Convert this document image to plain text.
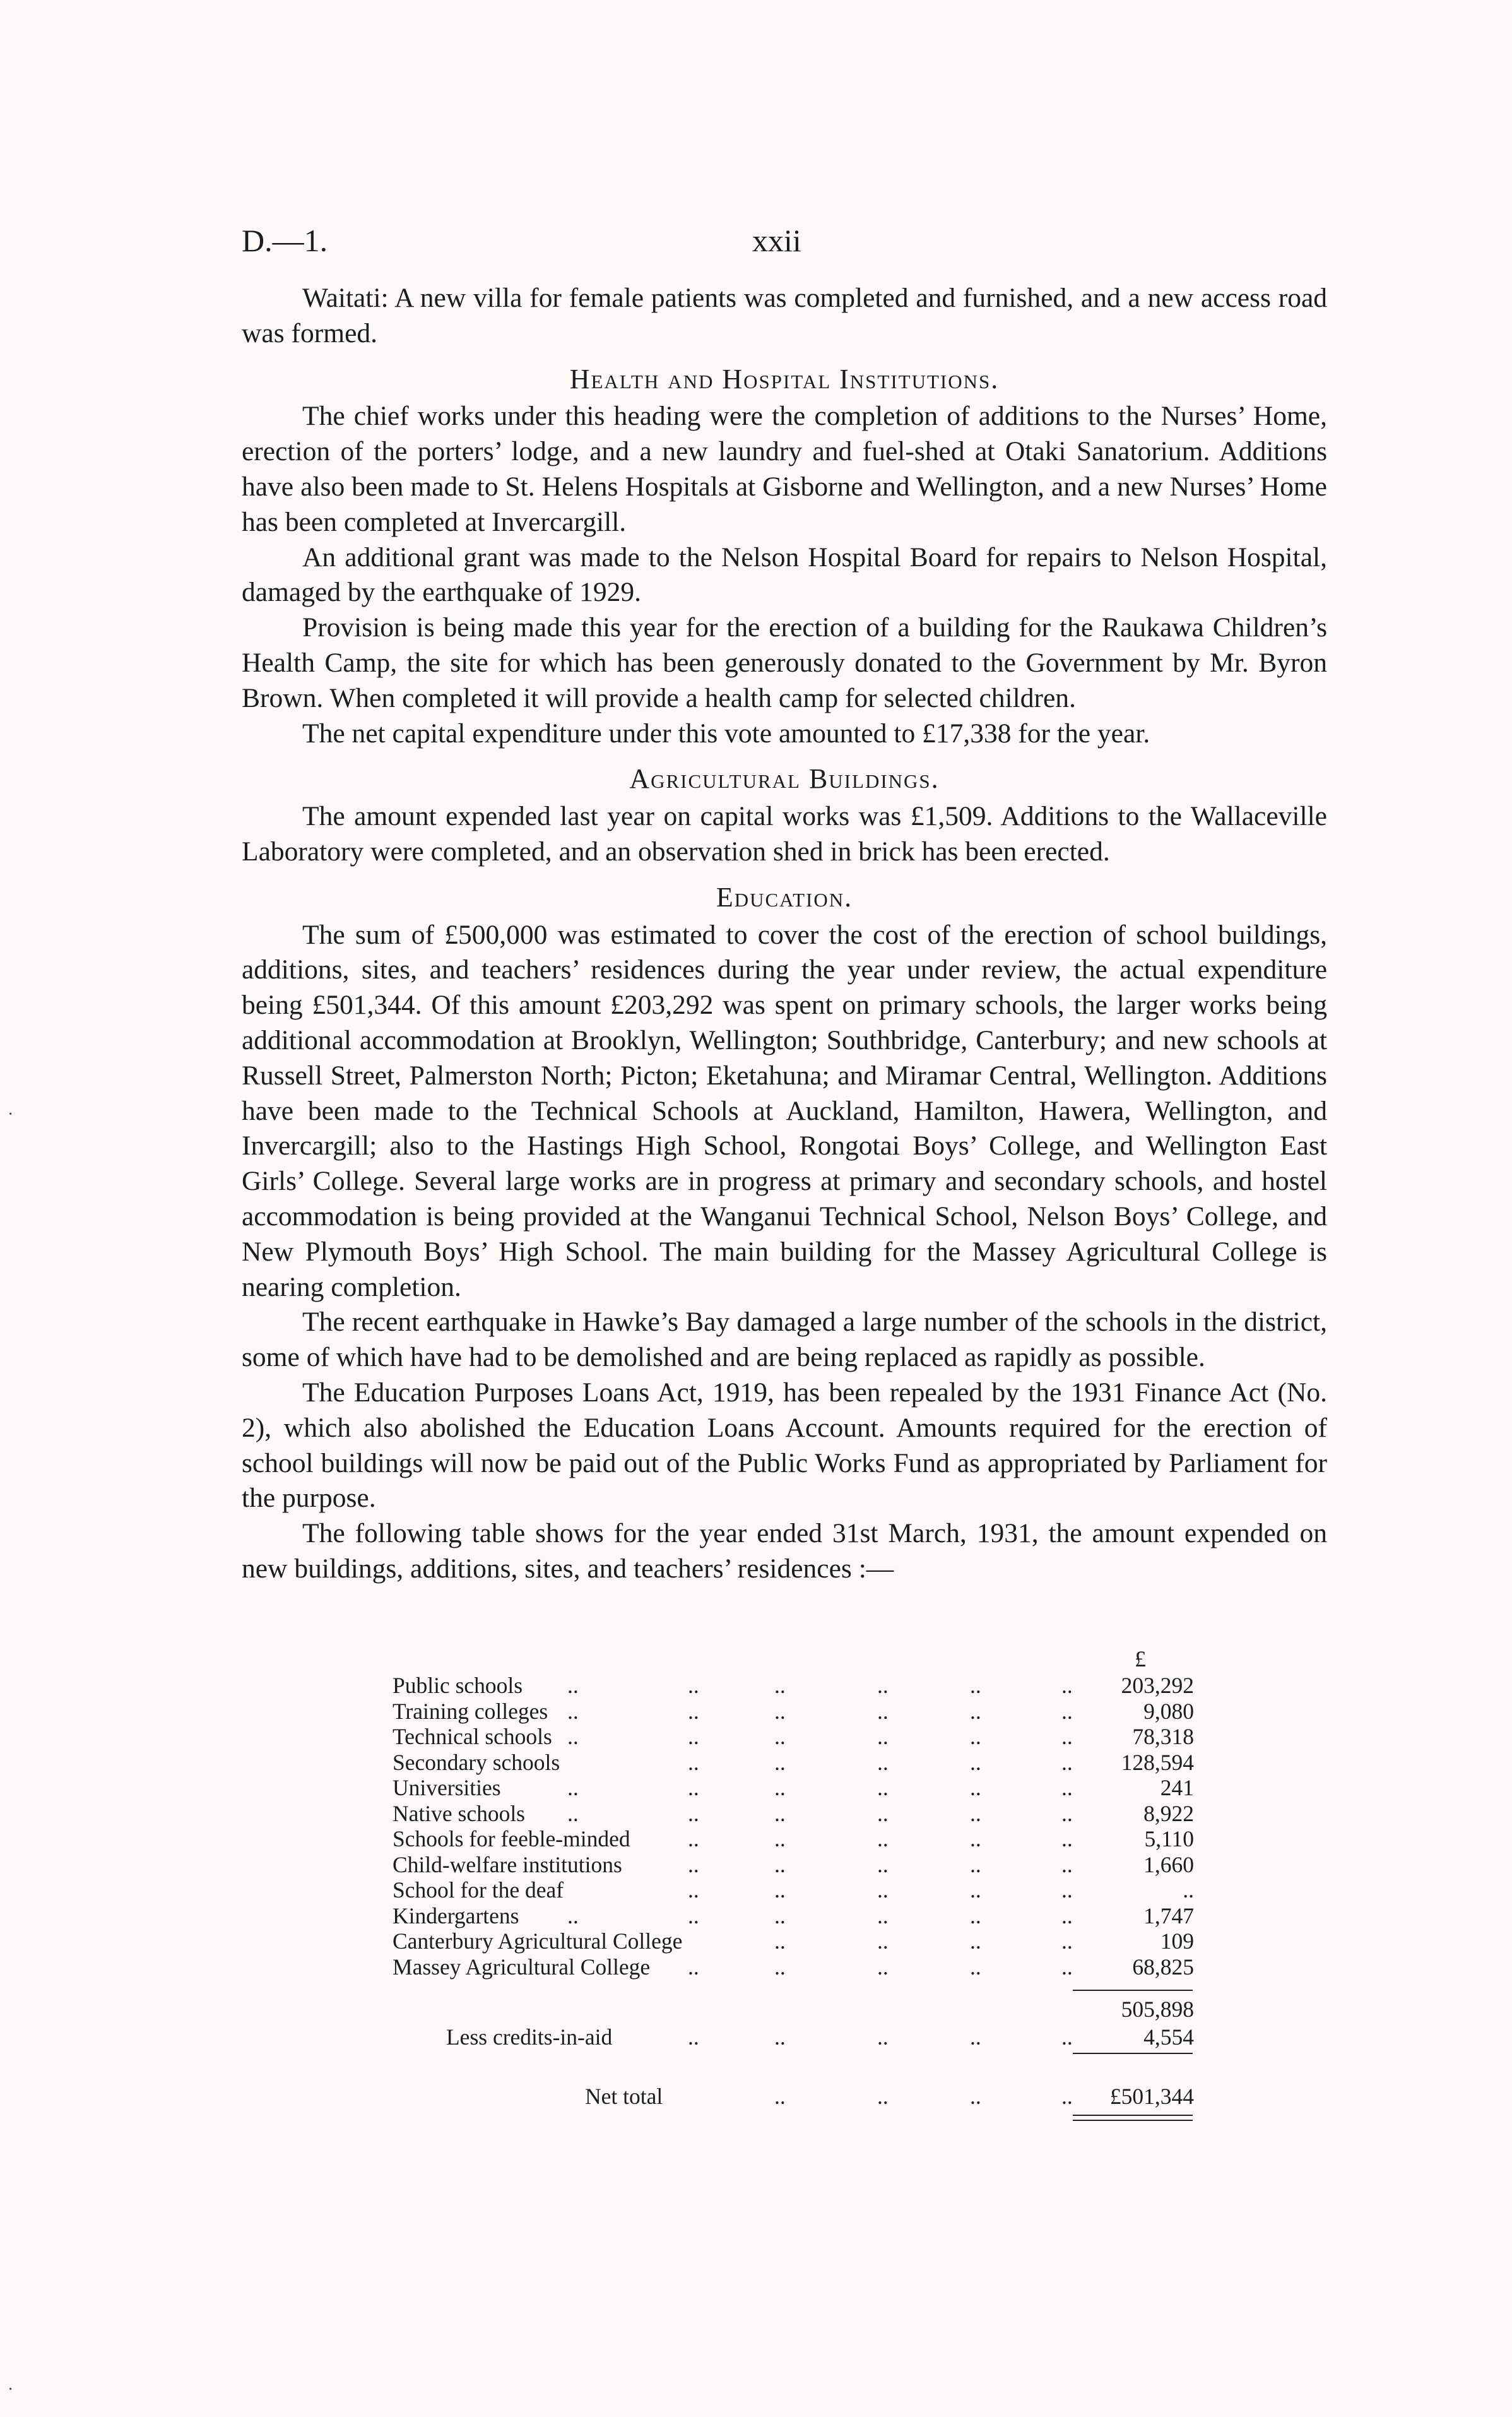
D.—1.	xxii

Waitati: A new villa for female patients was completed and furnished, and a new access road was formed.

Health and Hospital Institutions.

The chief works under this heading were the completion of additions to the Nurses’ Home, erection of the porters’ lodge, and a new laundry and fuel-shed at Otaki Sanatorium. Additions have also been made to St. Helens Hospitals at Gisborne and Wellington, and a new Nurses’ Home has been completed at Invercargill.

An additional grant was made to the Nelson Hospital Board for repairs to Nelson Hospital, damaged by the earthquake of 1929.

Provision is being made this year for the erection of a building for the Raukawa Children’s Health Camp, the site for which has been generously donated to the Government by Mr. Byron Brown. When completed it will provide a health camp for selected children.

The net capital expenditure under this vote amounted to £17,338 for the year.

Agricultural Buildings.

The amount expended last year on capital works was £1,509. Additions to the Wallaceville Laboratory were completed, and an observation shed in brick has been erected.

Education.

The sum of £500,000 was estimated to cover the cost of the erection of school buildings, additions, sites, and teachers’ residences during the year under review, the actual expenditure being £501,344. Of this amount £203,292 was spent on primary schools, the larger works being additional accommodation at Brooklyn, Wellington; Southbridge, Canterbury; and new schools at Russell Street, Palmerston North; Picton; Eketahuna; and Miramar Central, Wellington. Additions have been made to the Technical Schools at Auckland, Hamilton, Hawera, Wellington, and Invercargill; also to the Hastings High School, Rongotai Boys’ College, and Wellington East Girls’ College. Several large works are in progress at primary and secondary schools, and hostel accommodation is being provided at the Wanganui Technical School, Nelson Boys’ College, and New Plymouth Boys’ High School. The main building for the Massey Agricultural College is nearing completion.

The recent earthquake in Hawke’s Bay damaged a large number of the schools in the district, some of which have had to be demolished and are being replaced as rapidly as possible.

The Education Purposes Loans Act, 1919, has been repealed by the 1931 Finance Act (No. 2), which also abolished the Education Loans Account. Amounts required for the erection of school buildings will now be paid out of the Public Works Fund as appropriated by Parliament for the purpose.

The following table shows for the year ended 31st March, 1931, the amount expended on new buildings, additions, sites, and teachers’ residences :—

£
Public schools ..	..	..	..	..	.. 203,292
Training colleges ..	..	..	..	..	..	9,080
Technical schools ..	..	..	..	..	..	78,318
Secondary schools	..	..	..	..	.. 128,594
Universities	..	..	..	..	..	..	241
Native schools ..	..	..	..	..	..	8,922
Schools for feeble-minded	..	..	..	..	..	5,110
Child-welfare institutions	..	..	..	..	..	1,660
School for the deaf	..	..	..	..	..	..
Kindergartens ..	..	..	..	..	..	1,747
Canterbury Agricultural College	..	..	..	..	109
Massey Agricultural College ..	..	..	..	..	68,825
505,898
Less credits-in-aid	..	..	..	..	..	4,554
Net total	..	..	..	.. £501,344
·
·
